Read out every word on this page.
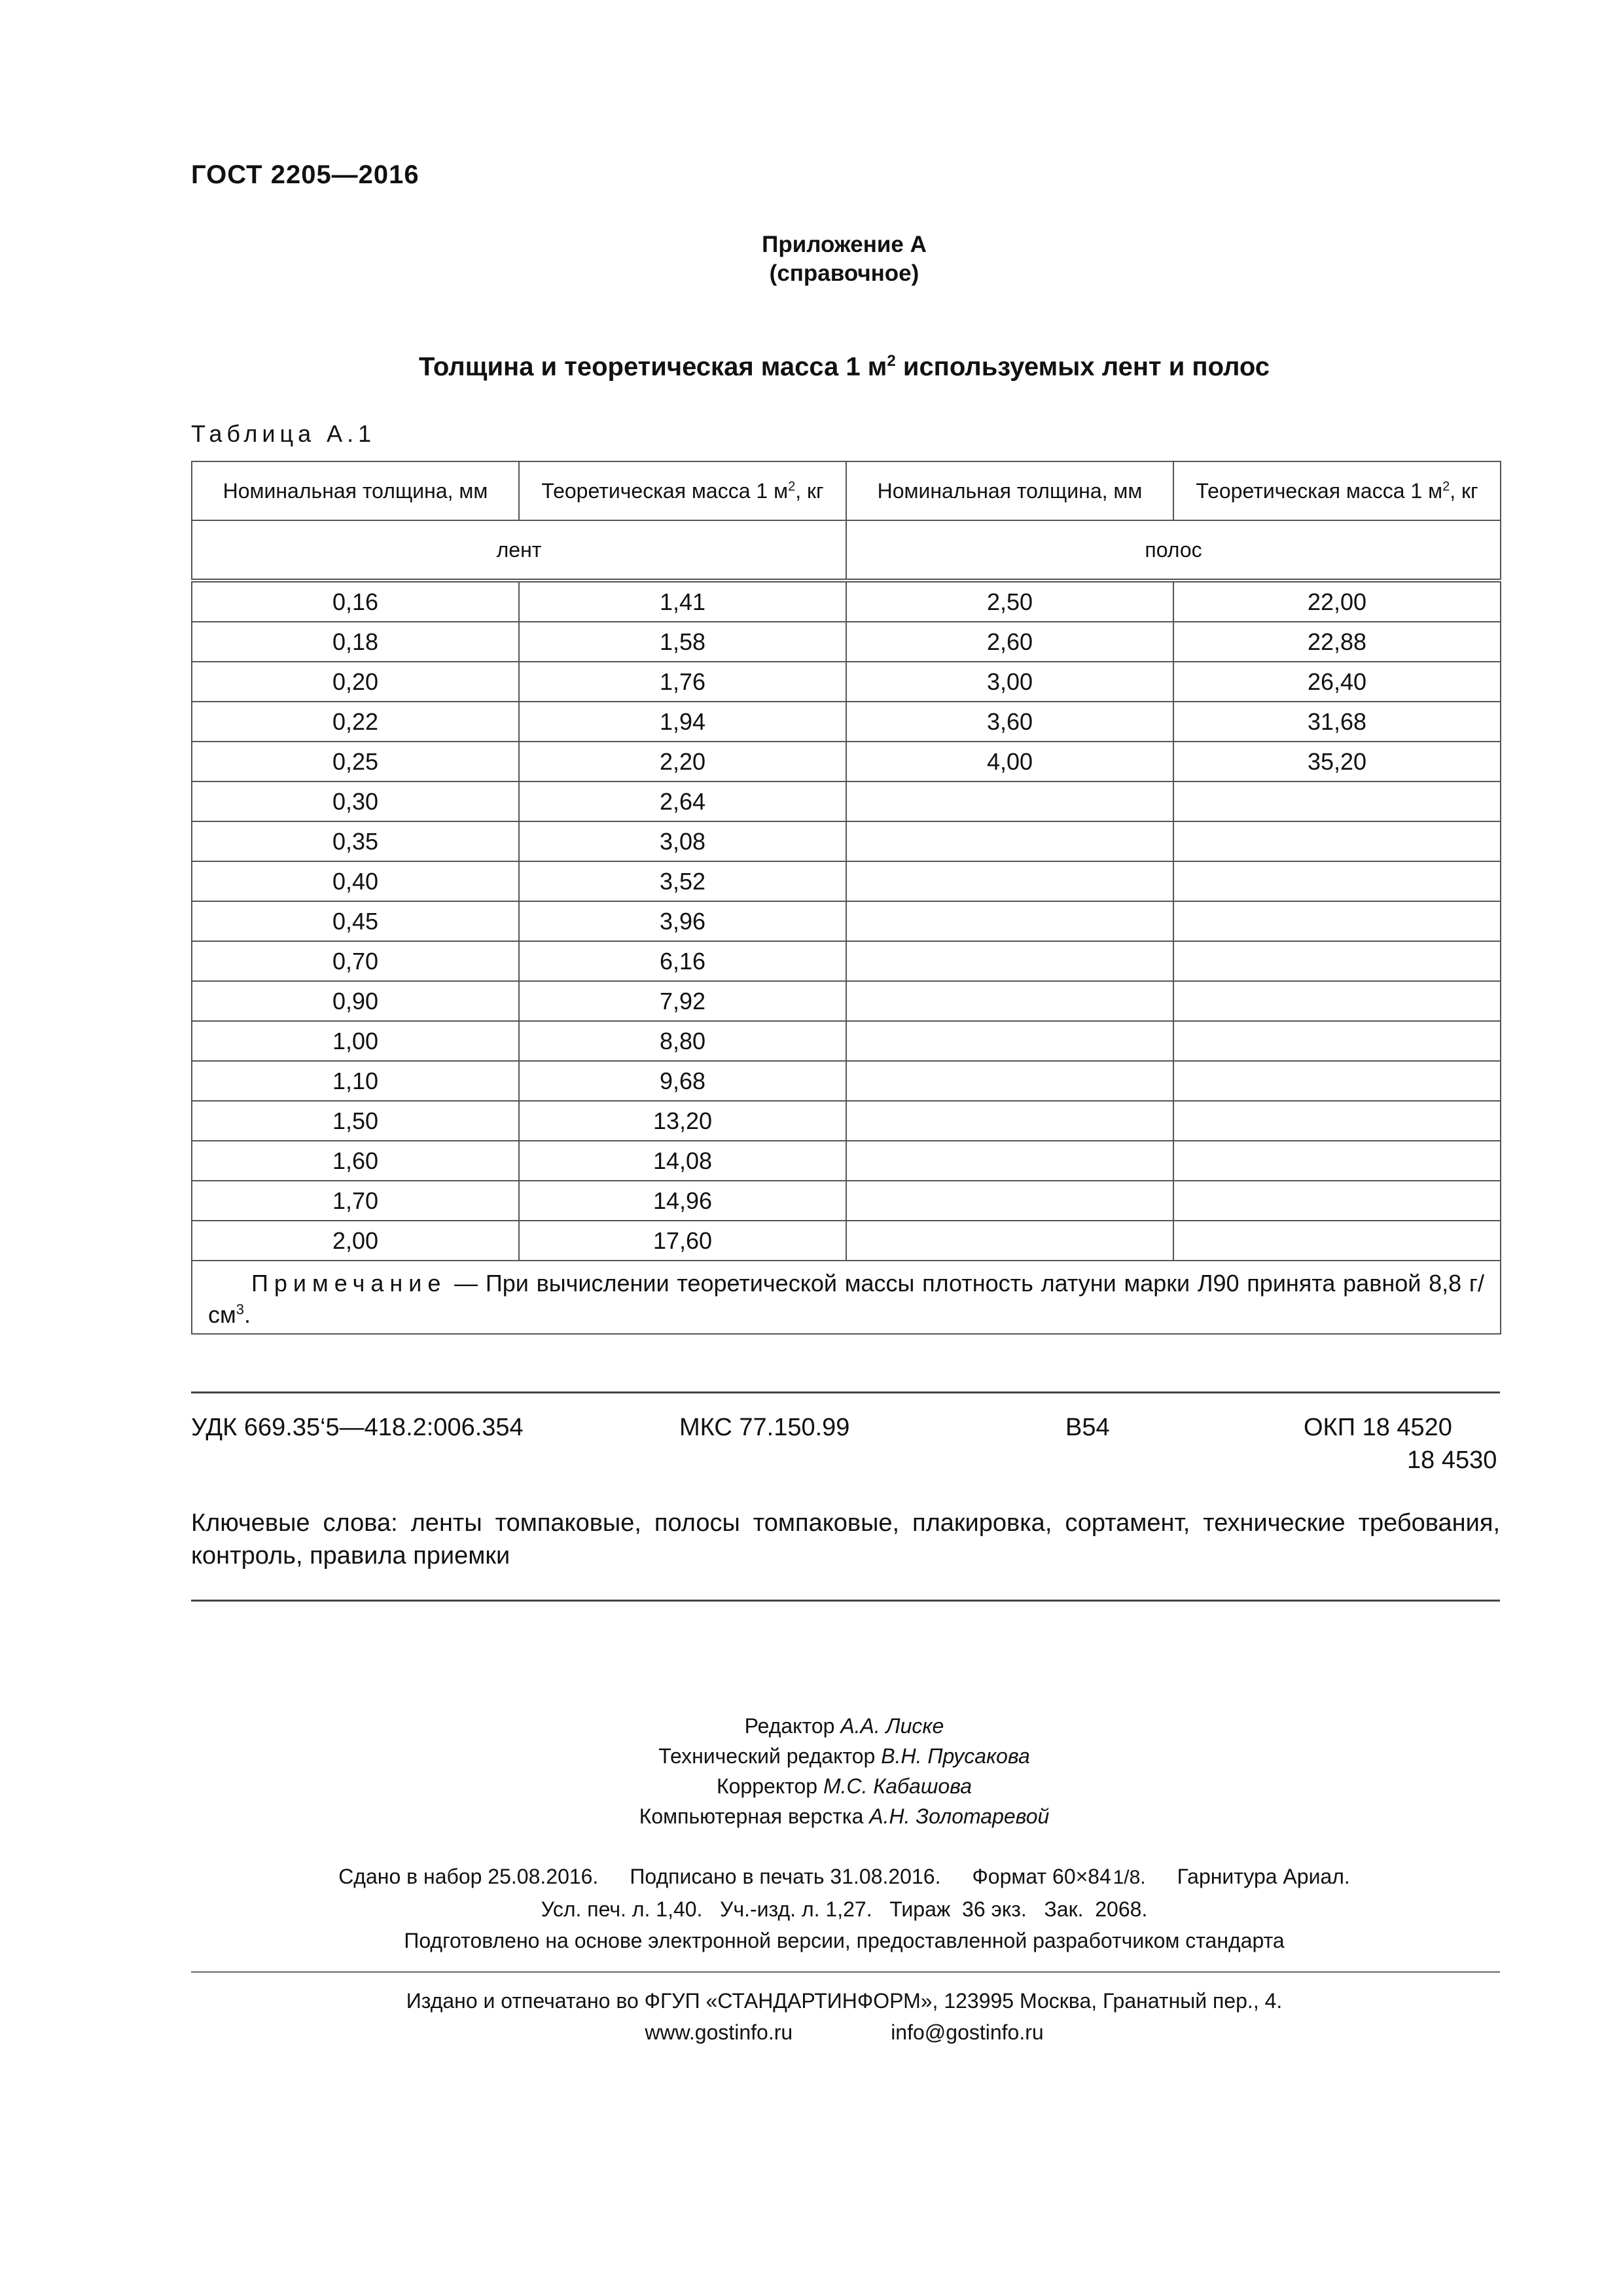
ГОСТ 2205—2016
Приложение А
(справочное)
Толщина и теоретическая масса 1 $м^2$ используемых лент и полос
Таблица А.1
Номинальная толщина, мм	Теоретическая масса 1 $м^2$, кг	Номинальная толщина, мм	Теоретическая масса 1 $м^2$, кг
лент		полос	
0,16	1,41	2,50	22,00
0,18	1,58	2,60	22,88
0,20	1,76	3,00	26,40
0,22	1,94	3,60	31,68
0,25	2,20	4,00	35,20
0,30	2,64		
0,35	3,08		
0,40	3,52		
0,45	3,96		
0,70	6,16		
0,90	7,92		
1,00	8,80		
1,10	9,68		
1,50	13,20		
1,60	14,08		
1,70	14,96		
2,00	17,60		
Примечание — При вычислении теоретической массы плотность латуни марки Л90 принята равной 8,8 $г/см^3$.			
УДК 669.35‘5—418.2:006.354	МКС 77.150.99	В54	ОКП 18 4520
18 4530
Ключевые слова: ленты томпаковые, полосы томпаковые, плакировка, сортамент, технические требования, контроль, правила приемки
Редактор А.А. Лиске
Технический редактор В.Н. Прусакова
Корректор М.С. Кабашова
Компьютерная верстка А.Н. Золотаревой
Сдано в набор 25.08.2016. Подписано в печать 31.08.2016. Формат 60×84 1/8. Гарнитура Ариал.
Усл. печ. л. 1,40.   Уч.-изд. л. 1,27.   Тираж  36 экз.   Зак.  2068.
Подготовлено на основе электронной версии, предоставленной разработчиком стандарта
Издано и отпечатано во ФГУП «СТАНДАРТИНФОРМ», 123995 Москва, Гранатный пер., 4.
www.gostinfo.ru	info@gostinfo.ru
